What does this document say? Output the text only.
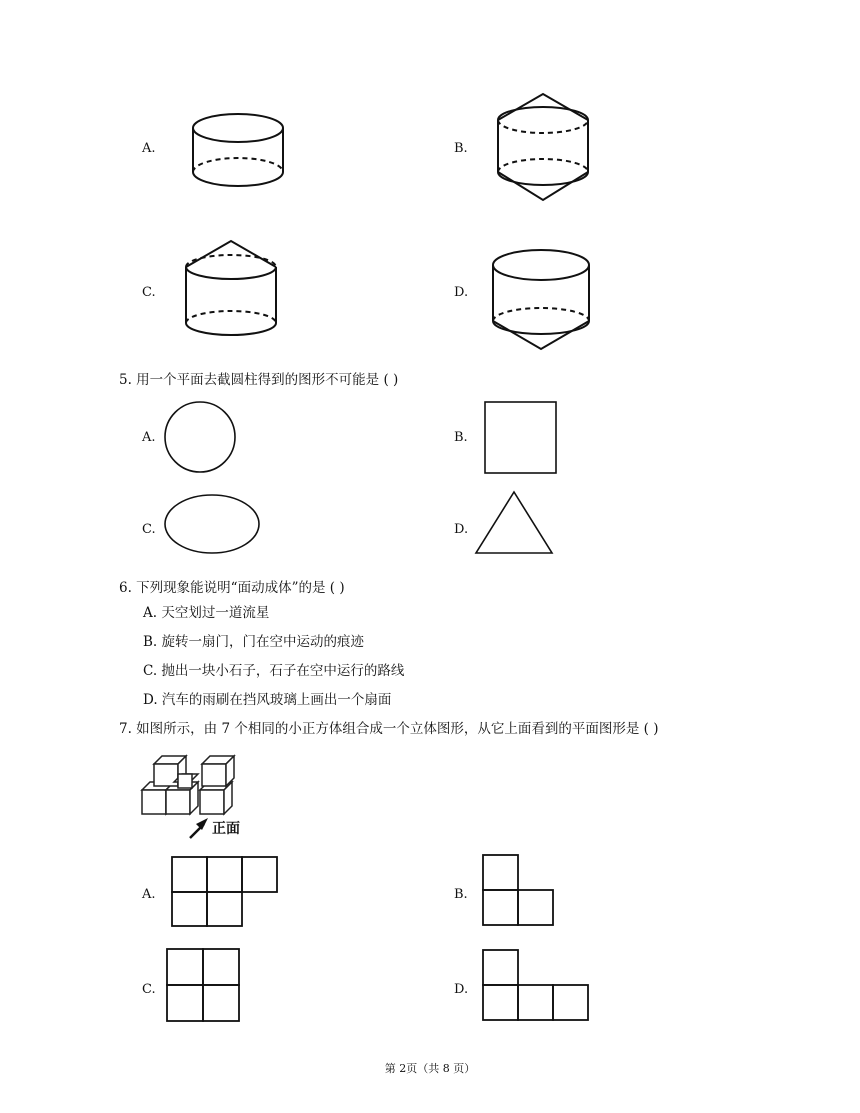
A.	B.
C.	D.
5. 用一个平面去截圆柱得到的图形不可能是 ( )
A.	B.
C.	D.
6. 下列现象能说明“面动成体”的是 ( )
A. 天空划过一道流星
B. 旋转一扇门，门在空中运动的痕迹
C. 抛出一块小石子，石子在空中运行的路线
D. 汽车的雨刷在挡风玻璃上画出一个扇面
7. 如图所示，由 7 个相同的小正方体组合成一个立体图形，从它上面看到的平面图形是 ( )
正面
A.	B.
C.	D.
第 2页（共 8 页）
